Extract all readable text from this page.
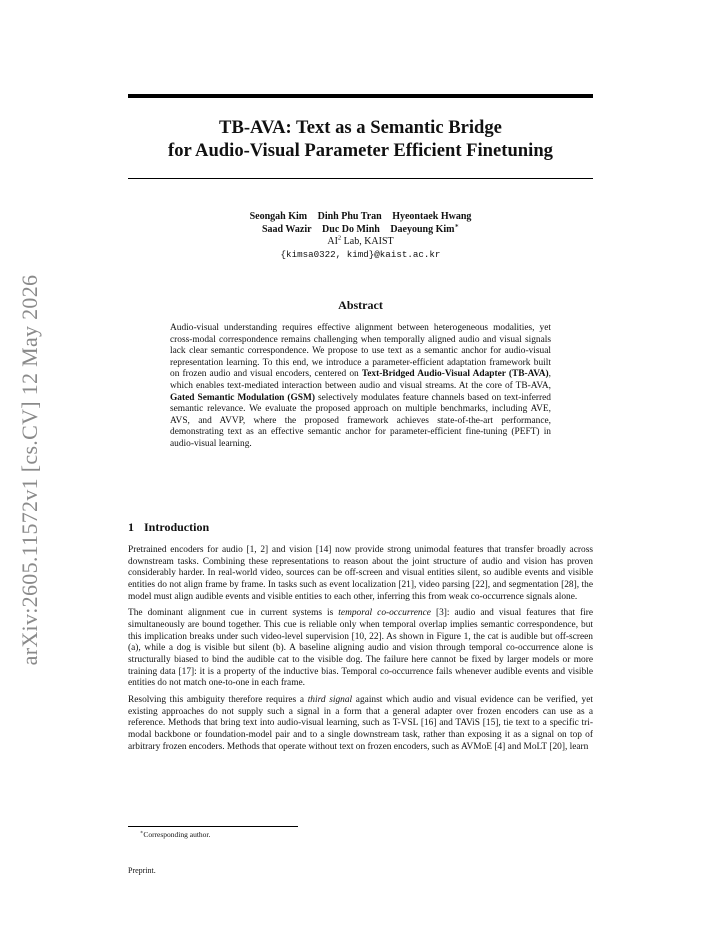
arXiv:2605.11572v1 [cs.CV] 12 May 2026
TB-AVA: Text as a Semantic Bridge
for Audio-Visual Parameter Efficient Finetuning
Seongah Kim Dinh Phu Tran Hyeontaek Hwang
Saad Wazir Duc Do Minh Daeyoung Kim∗
$AI^2$ Lab, KAIST
{kimsa0322, kimd}@kaist.ac.kr
Abstract
Audio-visual understanding requires effective alignment between heterogeneous modalities, yet cross-modal correspondence remains challenging when temporally aligned audio and visual signals lack clear semantic correspondence. We propose to use text as a semantic anchor for audio-visual representation learning. To this end, we introduce a parameter-efficient adaptation framework built on frozen audio and visual encoders, centered on Text-Bridged Audio-Visual Adapter (TB-AVA), which enables text-mediated interaction between audio and visual streams. At the core of TB-AVA, Gated Semantic Modulation (GSM) selectively modulates feature channels based on text-inferred semantic relevance. We evaluate the proposed approach on multiple benchmarks, including AVE, AVS, and AVVP, where the proposed framework achieves state-of-the-art performance, demonstrating text as an effective semantic anchor for parameter-efficient fine-tuning (PEFT) in audio-visual learning.
1 Introduction

Pretrained encoders for audio [1, 2] and vision [14] now provide strong unimodal features that transfer broadly across downstream tasks. Combining these representations to reason about the joint structure of audio and vision has proven considerably harder. In real-world video, sources can be off-screen and visual entities silent, so audible events and visible entities do not align frame by frame. In tasks such as event localization [21], video parsing [22], and segmentation [28], the model must align audible events and visible entities to each other, inferring this from weak co-occurrence signals alone.

The dominant alignment cue in current systems is temporal co-occurrence [3]: audio and visual features that fire simultaneously are bound together. This cue is reliable only when temporal overlap implies semantic correspondence, but this implication breaks under such video-level supervision [10, 22]. As shown in Figure 1, the cat is audible but off-screen (a), while a dog is visible but silent (b). A baseline aligning audio and vision through temporal co-occurrence alone is structurally biased to bind the audible cat to the visible dog. The failure here cannot be fixed by larger models or more training data [17]: it is a property of the inductive bias. Temporal co-occurrence fails whenever audible events and visible entities do not match one-to-one in each frame.

Resolving this ambiguity therefore requires a third signal against which audio and visual evidence can be verified, yet existing approaches do not supply such a signal in a form that a general adapter over frozen encoders can use as a reference. Methods that bring text into audio-visual learning, such as T-VSL [16] and TAViS [15], tie text to a specific tri-modal backbone or foundation-model pair and to a single downstream task, rather than exposing it as a signal on top of arbitrary frozen encoders. Methods that operate without text on frozen encoders, such as AVMoE [4] and MoLT [20], learn

∗Corresponding author.
Preprint.
